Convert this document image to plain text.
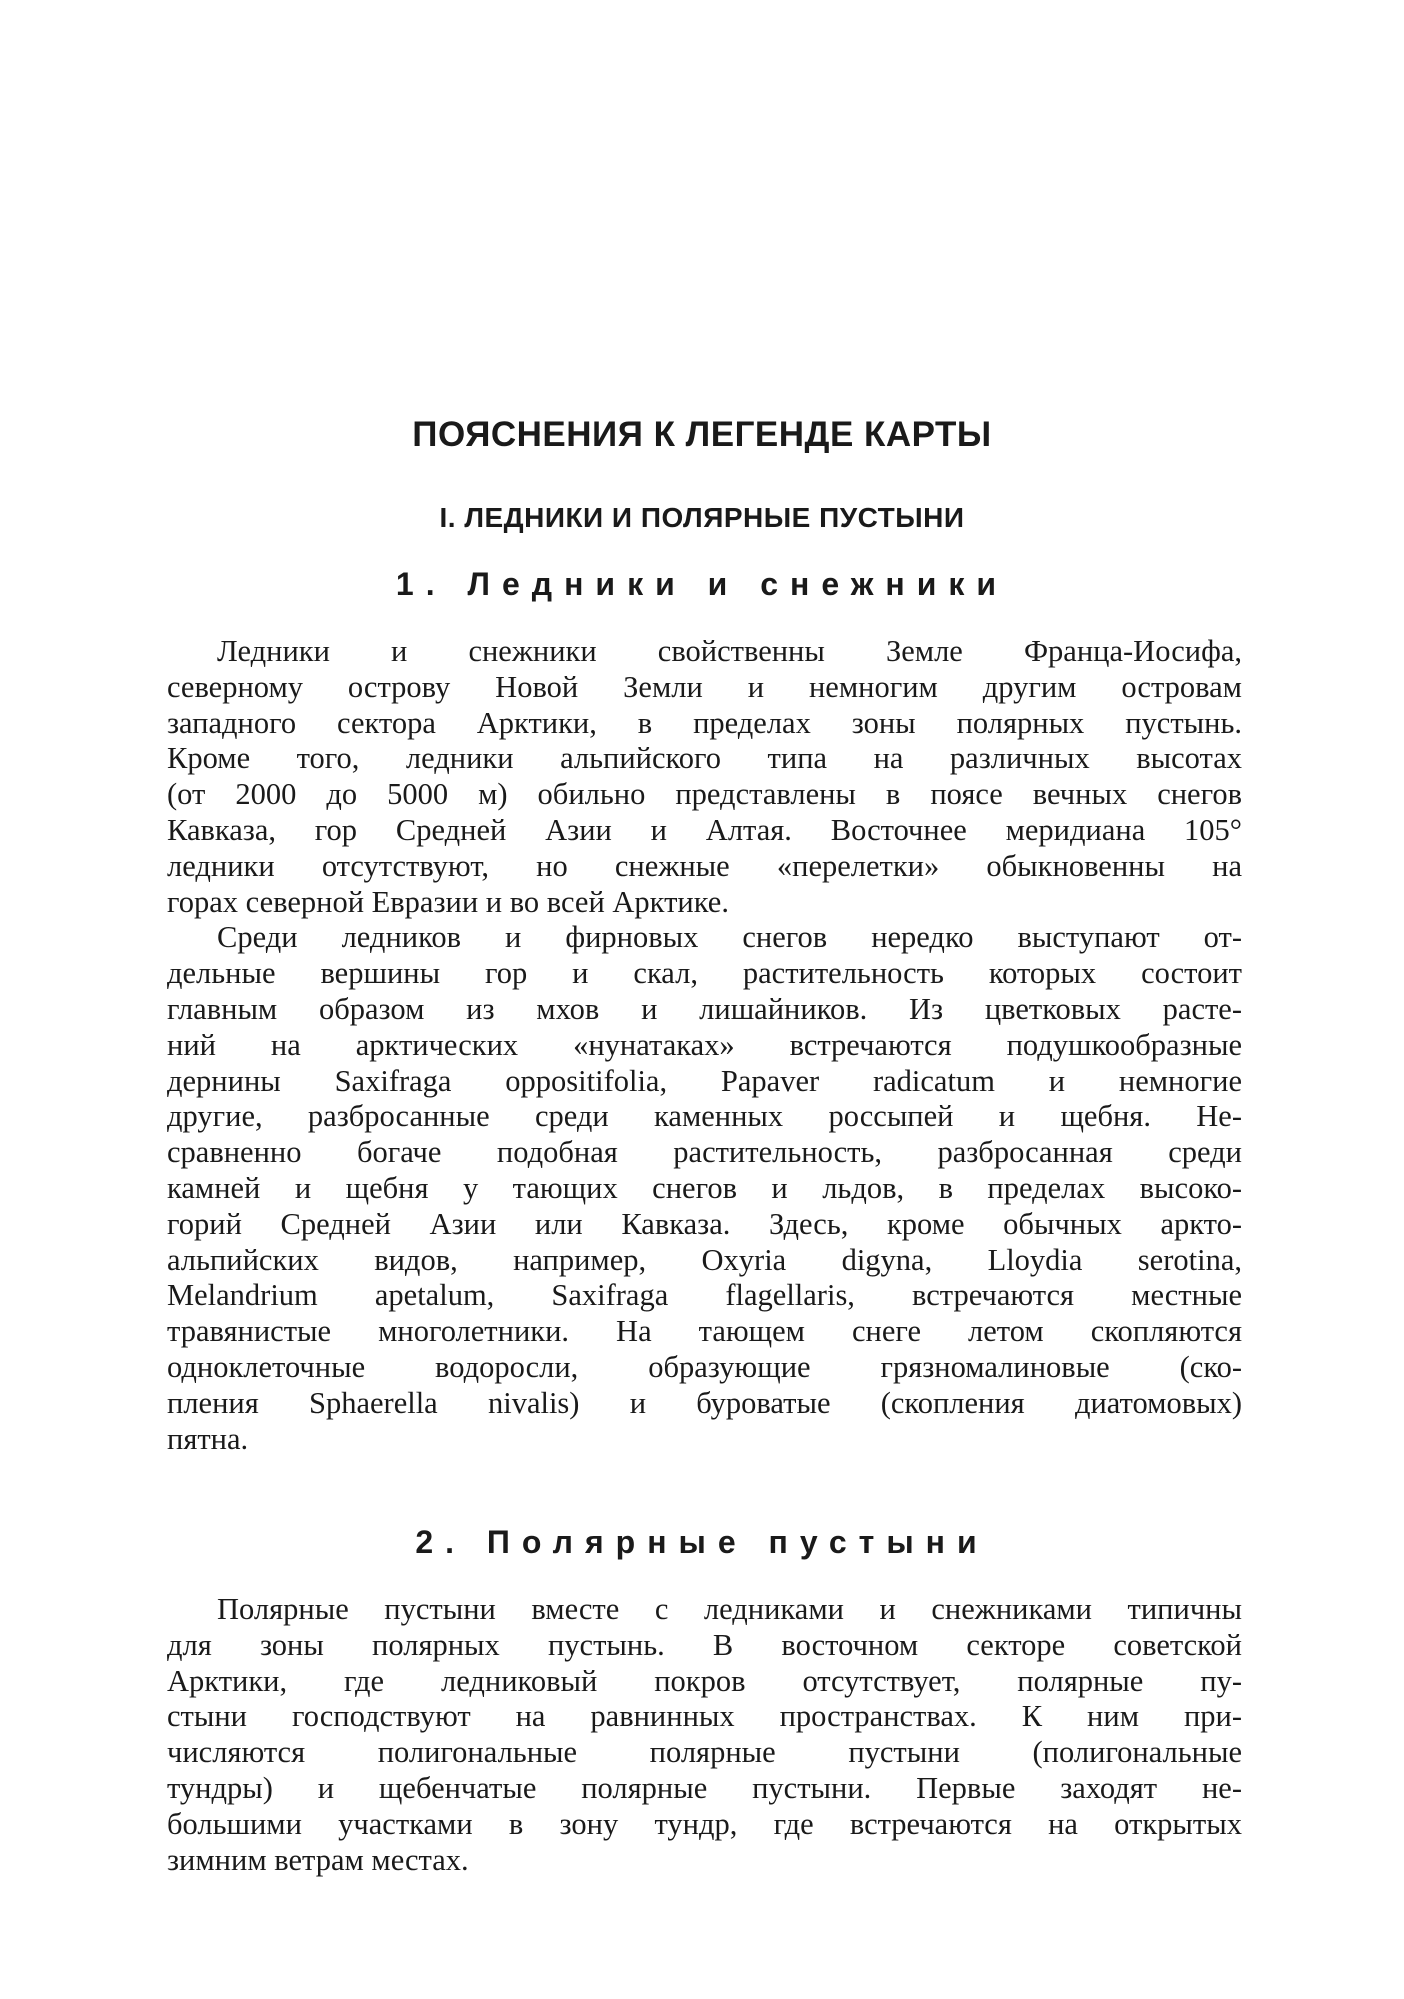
ПОЯСНЕНИЯ К ЛЕГЕНДЕ КАРТЫ
I. ЛЕДНИКИ И ПОЛЯРНЫЕ ПУСТЫНИ
1. Ледники и снежники
Ледники и снежники свойственны Земле Франца-Иосифа,
северному острову Новой Земли и немногим другим островам
западного сектора Арктики, в пределах зоны полярных пустынь.
Кроме того, ледники альпийского типа на различных высотах
(от 2000 до 5000 м) обильно представлены в поясе вечных снегов
Кавказа, гор Средней Азии и Алтая. Восточнее меридиана 105°
ледники отсутствуют, но снежные «перелетки» обыкновенны на
горах северной Евразии и во всей Арктике.
Среди ледников и фирновых снегов нередко выступают от-
дельные вершины гор и скал, растительность которых состоит
главным образом из мхов и лишайников. Из цветковых расте-
ний на арктических «нунатаках» встречаются подушкообразные
дернины Saxifraga oppositifolia, Papaver radicatum и немногие
другие, разбросанные среди каменных россыпей и щебня. Не-
сравненно богаче подобная растительность, разбросанная среди
камней и щебня у тающих снегов и льдов, в пределах высоко-
горий Средней Азии или Кавказа. Здесь, кроме обычных аркто-
альпийских видов, например, Oxyria digyna, Lloydia serotina,
Melandrium apetalum, Saxifraga flagellaris, встречаются местные
травянистые многолетники. На тающем снеге летом скопляются
одноклеточные водоросли, образующие грязномалиновые (ско-
пления Sphaerella nivalis) и буроватые (скопления диатомовых)
пятна.
2. Полярные пустыни
Полярные пустыни вместе с ледниками и снежниками типичны
для зоны полярных пустынь. В восточном секторе советской
Арктики, где ледниковый покров отсутствует, полярные пу-
стыни господствуют на равнинных пространствах. К ним при-
числяются полигональные полярные пустыни (полигональные
тундры) и щебенчатые полярные пустыни. Первые заходят не-
большими участками в зону тундр, где встречаются на открытых
зимним ветрам местах.
